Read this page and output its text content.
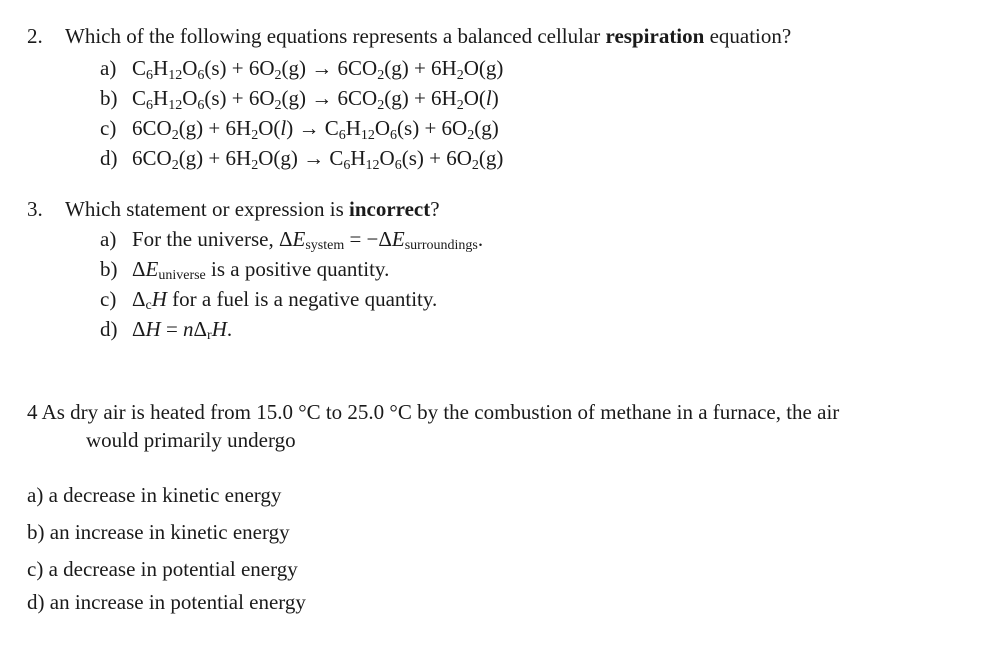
2. Which of the following equations represents a balanced cellular respiration equation?
a) $C_6H_{12}O_6(s) + 6O_2(g) \to 6CO_2(g) + 6H_2O(g)$
b) $C_6H_{12}O_6(s) + 6O_2(g) \to 6CO_2(g) + 6H_2O(l)$
c) $6CO_2(g) + 6H_2O(l) \to C_6H_{12}O_6(s) + 6O_2(g)$
d) $6CO_2(g) + 6H_2O(g) \to C_6H_{12}O_6(s) + 6O_2(g)$
3. Which statement or expression is incorrect?
a) For the universe, ΔEsystem = −ΔEsurroundings.
b) ΔEuniverse is a positive quantity.
c) ΔcH for a fuel is a negative quantity.
d) ΔH = nΔrH.
4 As dry air is heated from 15.0 °C to 25.0 °C by the combustion of methane in a furnace, the air
would primarily undergo
a) a decrease in kinetic energy
b) an increase in kinetic energy
c) a decrease in potential energy
d) an increase in potential energy
